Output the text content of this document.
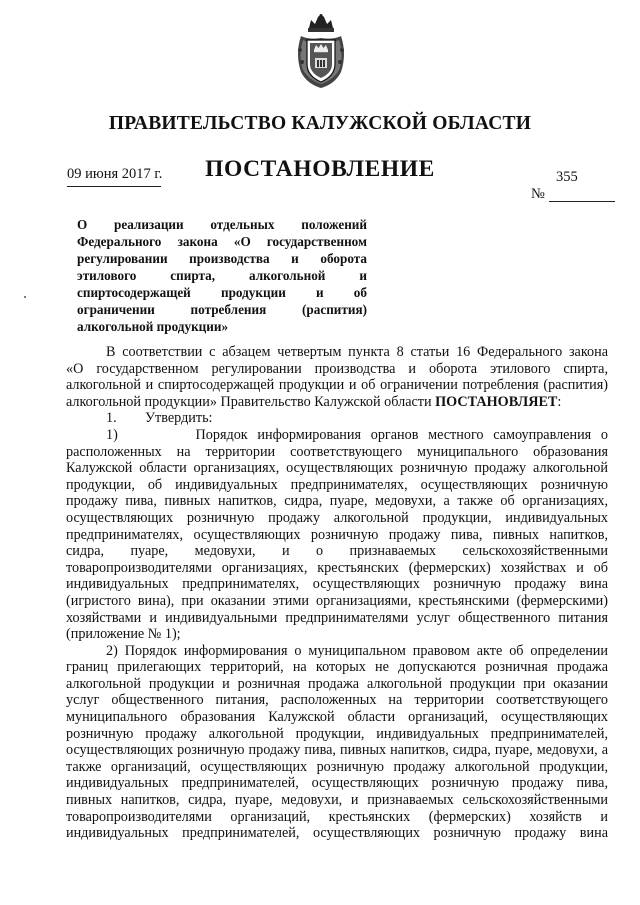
ПРАВИТЕЛЬСТВО КАЛУЖСКОЙ ОБЛАСТИ
09 июня 2017 г.	ПОСТАНОВЛЕНИЕ	355
№
О реализации отдельных положений
Федерального закона «О государственном
регулировании производства и оборота
этилового спирта, алкогольной и
спиртосодержащей продукции и об
ограничении потребления (распития)
алкогольной продукции»
В соответствии с абзацем четвертым пункта 8 статьи 16 Федерального закона
«О государственном регулировании производства и оборота этилового спирта,
алкогольной и спиртосодержащей продукции и об ограничении потребления (распития)
алкогольной продукции» Правительство Калужской области ПОСТАНОВЛЯЕТ:
1.        Утвердить:
1)        Порядок информирования органов местного самоуправления о
расположенных на территории соответствующего муниципального образования
Калужской области организациях, осуществляющих розничную продажу алкогольной
продукции, об индивидуальных предпринимателях, осуществляющих розничную
продажу пива, пивных напитков, сидра, пуаре, медовухи, а также об организациях,
осуществляющих розничную продажу алкогольной продукции, индивидуальных
предпринимателях, осуществляющих розничную продажу пива, пивных напитков,
сидра, пуаре, медовухи, и о признаваемых сельскохозяйственными
товаропроизводителями организациях, крестьянских (фермерских) хозяйствах и об
индивидуальных предпринимателях, осуществляющих розничную продажу вина
(игристого вина), при оказании этими организациями, крестьянскими (фермерскими)
хозяйствами и индивидуальными предпринимателями услуг общественного питания
(приложение № 1);
2) Порядок информирования о муниципальном правовом акте об определении
границ прилегающих территорий, на которых не допускаются розничная продажа
алкогольной продукции и розничная продажа алкогольной продукции при оказании
услуг общественного питания, расположенных на территории соответствующего
муниципального образования Калужской области организаций, осуществляющих
розничную продажу алкогольной продукции, индивидуальных предпринимателей,
осуществляющих розничную продажу пива, пивных напитков, сидра, пуаре, медовухи, а
также организаций, осуществляющих розничную продажу алкогольной продукции,
индивидуальных предпринимателей, осуществляющих розничную продажу пива,
пивных напитков, сидра, пуаре, медовухи, и признаваемых сельскохозяйственными
товаропроизводителями организаций, крестьянских (фермерских) хозяйств и
индивидуальных предпринимателей, осуществляющих розничную продажу вина
